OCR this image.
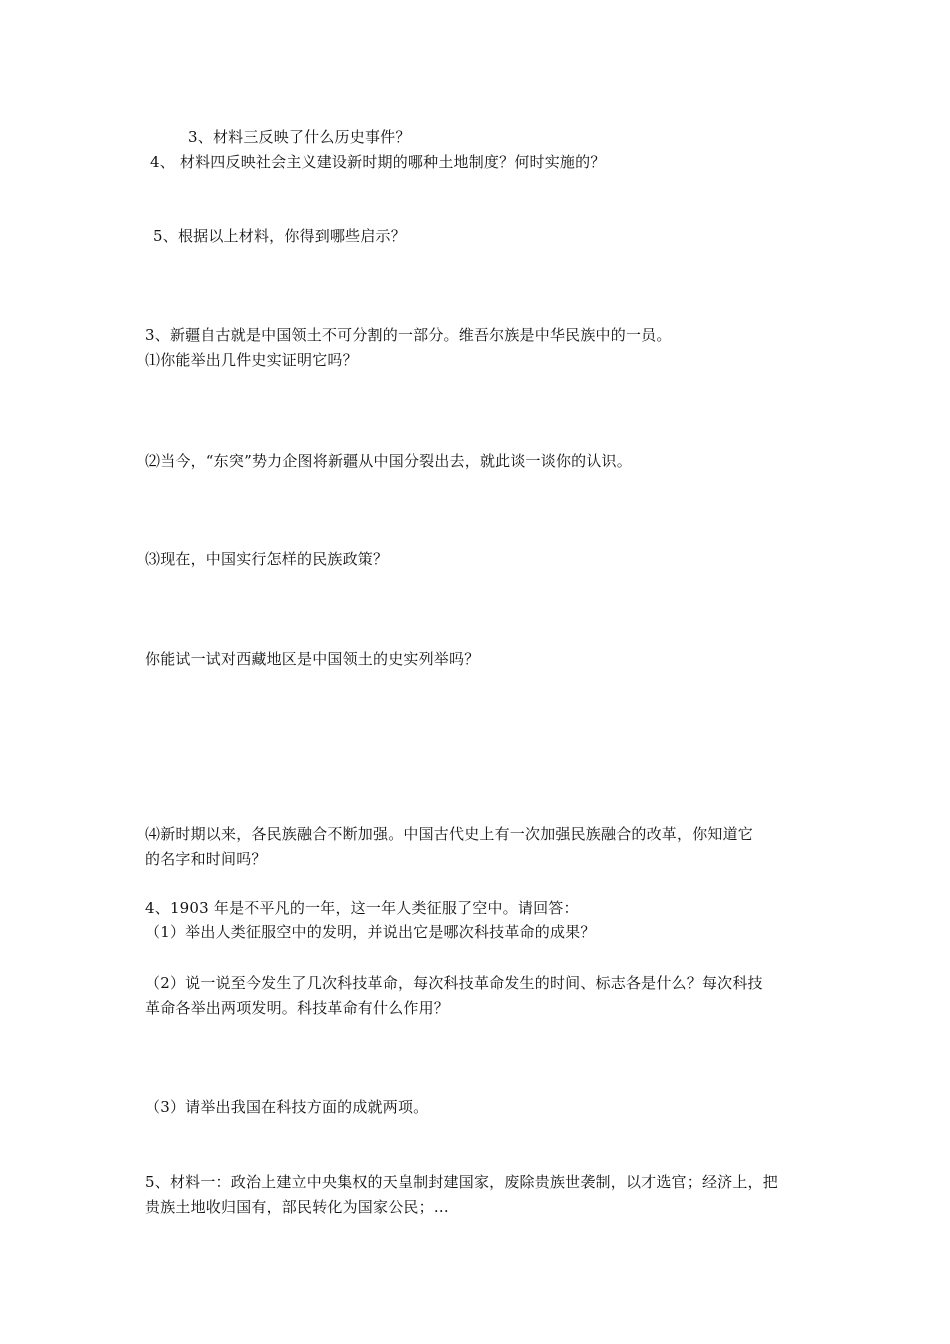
3、材料三反映了什么历史事件？
4、 材料四反映社会主义建设新时期的哪种土地制度？何时实施的？
5、根据以上材料，你得到哪些启示？
3、新疆自古就是中国领土不可分割的一部分。维吾尔族是中华民族中的一员。
⑴你能举出几件史实证明它吗？
⑵当今，“东突”势力企图将新疆从中国分裂出去，就此谈一谈你的认识。
⑶现在，中国实行怎样的民族政策？
你能试一试对西藏地区是中国领土的史实列举吗？
⑷新时期以来，各民族融合不断加强。中国古代史上有一次加强民族融合的改革，你知道它
的名字和时间吗？
4、1903 年是不平凡的一年，这一年人类征服了空中。请回答：
（1）举出人类征服空中的发明，并说出它是哪次科技革命的成果？
（2）说一说至今发生了几次科技革命，每次科技革命发生的时间、标志各是什么？每次科技
革命各举出两项发明。科技革命有什么作用？
（3）请举出我国在科技方面的成就两项。
5、材料一：政治上建立中央集权的天皇制封建国家，废除贵族世袭制，以才选官；经济上，把
贵族土地收归国有，部民转化为国家公民；…
